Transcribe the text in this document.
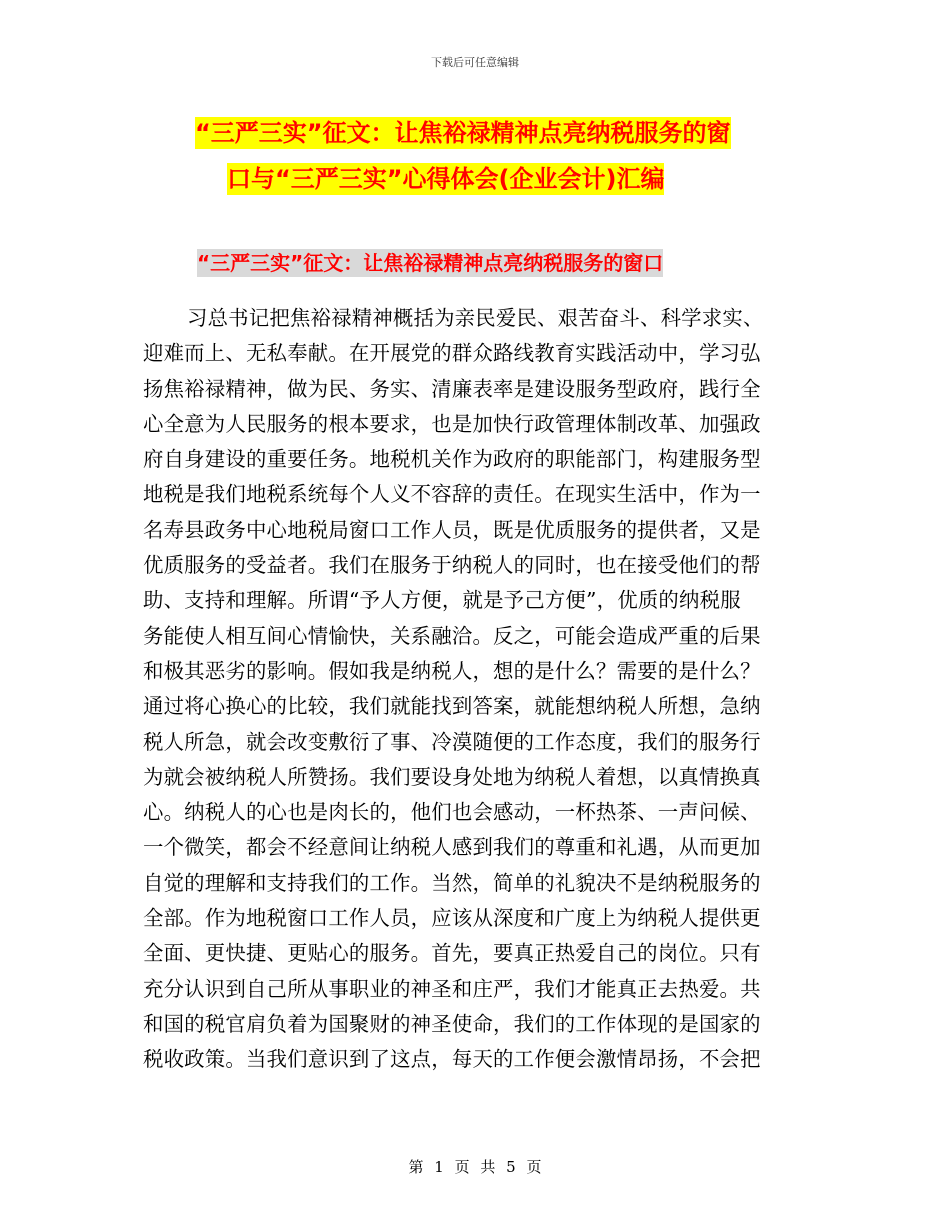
下载后可任意编辑
“三严三实”征文：让焦裕禄精神点亮纳税服务的窗
口与“三严三实”心得体会(企业会计)汇编
“三严三实”征文：让焦裕禄精神点亮纳税服务的窗口
习总书记把焦裕禄精神概括为亲民爱民、艰苦奋斗、科学求实、
迎难而上、无私奉献。在开展党的群众路线教育实践活动中，学习弘
扬焦裕禄精神，做为民、务实、清廉表率是建设服务型政府，践行全
心全意为人民服务的根本要求，也是加快行政管理体制改革、加强政
府自身建设的重要任务。地税机关作为政府的职能部门，构建服务型
地税是我们地税系统每个人义不容辞的责任。在现实生活中，作为一
名寿县政务中心地税局窗口工作人员，既是优质服务的提供者，又是
优质服务的受益者。我们在服务于纳税人的同时，也在接受他们的帮
助、支持和理解。所谓“予人方便，就是予己方便”，优质的纳税服
务能使人相互间心情愉快，关系融洽。反之，可能会造成严重的后果
和极其恶劣的影响。假如我是纳税人，想的是什么？需要的是什么？
通过将心换心的比较，我们就能找到答案，就能想纳税人所想，急纳
税人所急，就会改变敷衍了事、冷漠随便的工作态度，我们的服务行
为就会被纳税人所赞扬。我们要设身处地为纳税人着想，以真情换真
心。纳税人的心也是肉长的，他们也会感动，一杯热茶、一声问候、
一个微笑，都会不经意间让纳税人感到我们的尊重和礼遇，从而更加
自觉的理解和支持我们的工作。当然，简单的礼貌决不是纳税服务的
全部。作为地税窗口工作人员，应该从深度和广度上为纳税人提供更
全面、更快捷、更贴心的服务。首先，要真正热爱自己的岗位。只有
充分认识到自己所从事职业的神圣和庄严，我们才能真正去热爱。共
和国的税官肩负着为国聚财的神圣使命，我们的工作体现的是国家的
税收政策。当我们意识到了这点，每天的工作便会激情昂扬，不会把
第 1 页 共 5 页
